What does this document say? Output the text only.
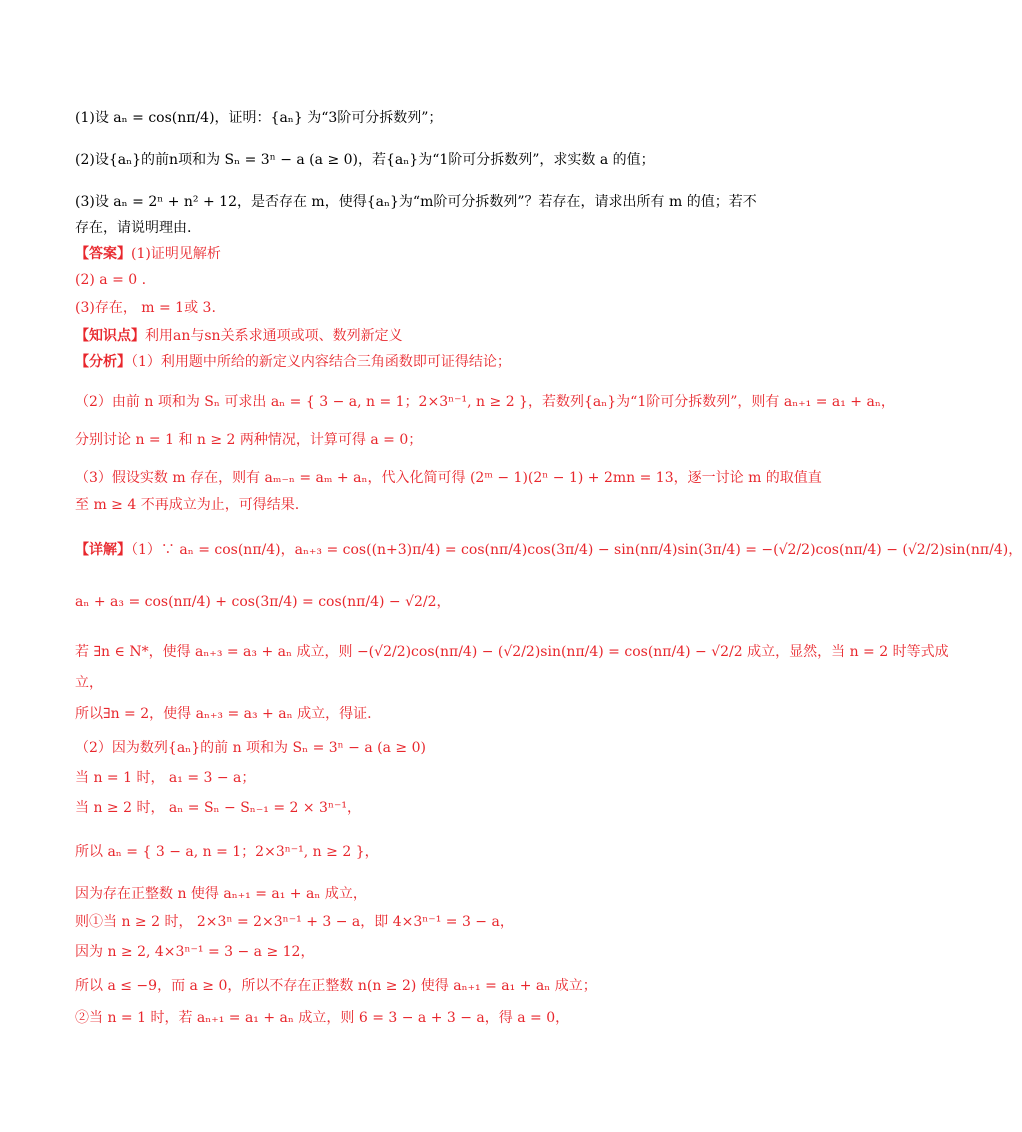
(1)设 aₙ = cos(nπ/4)，证明：{aₙ} 为“3阶可分拆数列”；
(2)设{aₙ}的前n项和为 Sₙ = 3ⁿ − a (a ≥ 0)，若{aₙ}为“1阶可分拆数列”，求实数 a 的值；
(3)设 aₙ = 2ⁿ + n² + 12，是否存在 m，使得{aₙ}为“m阶可分拆数列”？若存在，请求出所有 m 的值；若不
存在，请说明理由.
【答案】(1)证明见解析
(2) a = 0 .
(3)存在， m = 1或 3.
【知识点】利用an与sn关系求通项或项、数列新定义
【分析】（1）利用题中所给的新定义内容结合三角函数即可证得结论；
（2）由前 n 项和为 Sₙ 可求出 aₙ = { 3 − a, n = 1；2×3ⁿ⁻¹, n ≥ 2 }，若数列{aₙ}为“1阶可分拆数列”，则有 aₙ₊₁ = a₁ + aₙ，
分别讨论 n = 1 和 n ≥ 2 两种情况，计算可得 a = 0；
（3）假设实数 m 存在，则有 aₘ₋ₙ = aₘ + aₙ，代入化简可得 (2ᵐ − 1)(2ⁿ − 1) + 2mn = 13，逐一讨论 m 的取值直
至 m ≥ 4 不再成立为止，可得结果.
【详解】（1）∵ aₙ = cos(nπ/4)，aₙ₊₃ = cos((n+3)π/4) = cos(nπ/4)cos(3π/4) − sin(nπ/4)sin(3π/4) = −(√2/2)cos(nπ/4) − (√2/2)sin(nπ/4)，
aₙ + a₃ = cos(nπ/4) + cos(3π/4) = cos(nπ/4) − √2/2，
若 ∃n ∈ N*，使得 aₙ₊₃ = a₃ + aₙ 成立，则 −(√2/2)cos(nπ/4) − (√2/2)sin(nπ/4) = cos(nπ/4) − √2/2 成立，显然，当 n = 2 时等式成
立，
所以∃n = 2，使得 aₙ₊₃ = a₃ + aₙ 成立，得证.
（2）因为数列{aₙ}的前 n 项和为 Sₙ = 3ⁿ − a (a ≥ 0)
当 n = 1 时， a₁ = 3 − a；
当 n ≥ 2 时， aₙ = Sₙ − Sₙ₋₁ = 2 × 3ⁿ⁻¹，
所以 aₙ = { 3 − a, n = 1；2×3ⁿ⁻¹, n ≥ 2 }，
因为存在正整数 n 使得 aₙ₊₁ = a₁ + aₙ 成立，
则①当 n ≥ 2 时， 2×3ⁿ = 2×3ⁿ⁻¹ + 3 − a，即 4×3ⁿ⁻¹ = 3 − a，
因为 n ≥ 2, 4×3ⁿ⁻¹ = 3 − a ≥ 12，
所以 a ≤ −9，而 a ≥ 0，所以不存在正整数 n(n ≥ 2) 使得 aₙ₊₁ = a₁ + aₙ 成立；
②当 n = 1 时，若 aₙ₊₁ = a₁ + aₙ 成立，则 6 = 3 − a + 3 − a，得 a = 0，
